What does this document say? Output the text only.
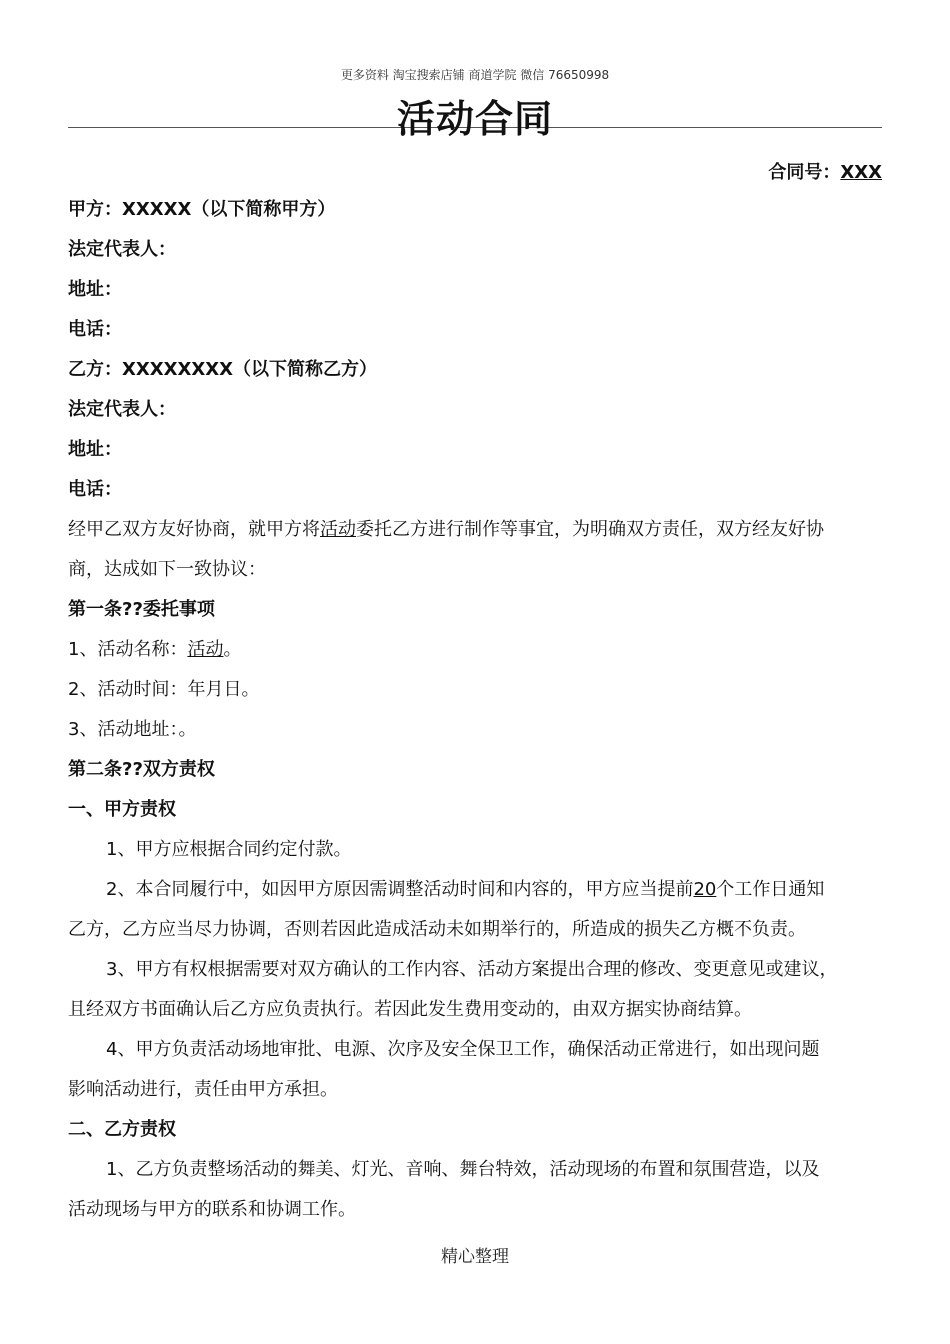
更多资料 淘宝搜索店铺 商道学院 微信 76650998
活动合同
合同号：XXX

甲方：XXXXX（以下简称甲方）

法定代表人：

地址：

电话：

乙方：XXXXXXXX（以下简称乙方）

法定代表人：

地址：

电话：

经甲乙双方友好协商，就甲方将活动委托乙方进行制作等事宜，为明确双方责任，双方经友好协

商，达成如下一致协议：

第一条??委托事项

1、活动名称：活动。

2、活动时间：年月日。

3、活动地址：。

第二条??双方责权

一、甲方责权

1、甲方应根据合同约定付款。

2、本合同履行中，如因甲方原因需调整活动时间和内容的，甲方应当提前20个工作日通知

乙方，乙方应当尽力协调，否则若因此造成活动未如期举行的，所造成的损失乙方概不负责。

3、甲方有权根据需要对双方确认的工作内容、活动方案提出合理的修改、变更意见或建议，

且经双方书面确认后乙方应负责执行。若因此发生费用变动的，由双方据实协商结算。

4、甲方负责活动场地审批、电源、次序及安全保卫工作，确保活动正常进行，如出现问题

影响活动进行，责任由甲方承担。

二、乙方责权

1、乙方负责整场活动的舞美、灯光、音响、舞台特效，活动现场的布置和氛围营造，以及

活动现场与甲方的联系和协调工作。

精心整理
